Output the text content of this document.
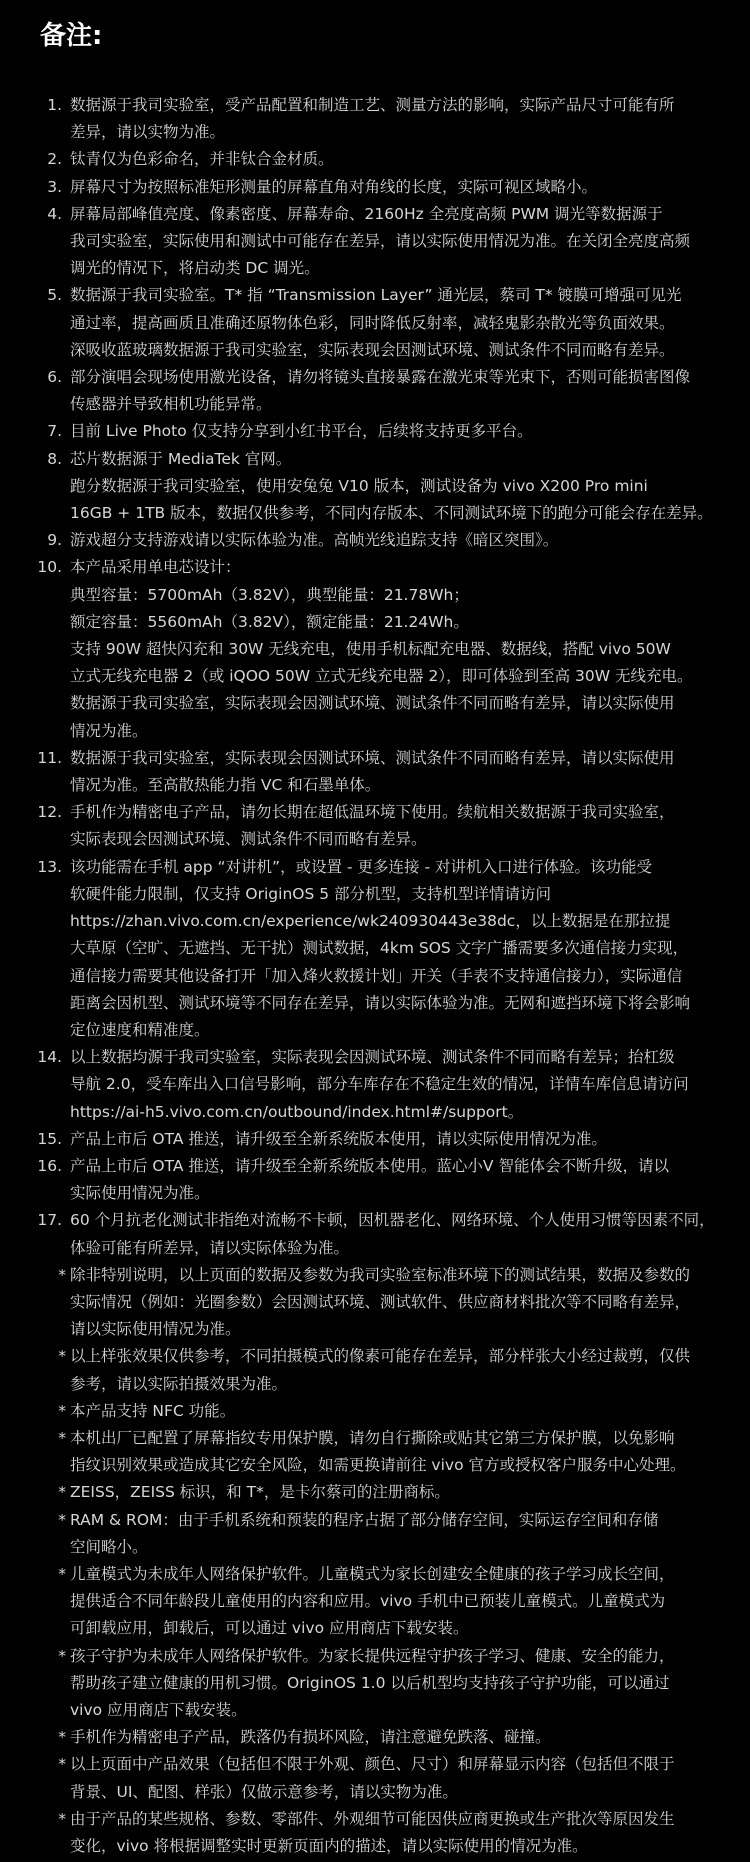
备注:
1. 数据源于我司实验室，受产品配置和制造工艺、测量方法的影响，实际产品尺寸可能有所
差异，请以实物为准。
2. 钛青仅为色彩命名，并非钛合金材质。
3. 屏幕尺寸为按照标准矩形测量的屏幕直角对角线的长度，实际可视区域略小。
4. 屏幕局部峰值亮度、像素密度、屏幕寿命、2160Hz 全亮度高频 PWM 调光等数据源于
我司实验室，实际使用和测试中可能存在差异，请以实际使用情况为准。在关闭全亮度高频
调光的情况下，将启动类 DC 调光。
5. 数据源于我司实验室。T* 指 “Transmission Layer” 通光层，蔡司 T* 镀膜可增强可见光
通过率，提高画质且准确还原物体色彩，同时降低反射率，减轻鬼影杂散光等负面效果。
深吸收蓝玻璃数据源于我司实验室，实际表现会因测试环境、测试条件不同而略有差异。
6. 部分演唱会现场使用激光设备，请勿将镜头直接暴露在激光束等光束下，否则可能损害图像
传感器并导致相机功能异常。
7. 目前 Live Photo 仅支持分享到小红书平台，后续将支持更多平台。
8. 芯片数据源于 MediaTek 官网。
跑分数据源于我司实验室，使用安兔兔 V10 版本，测试设备为 vivo X200 Pro mini
16GB + 1TB 版本，数据仅供参考，不同内存版本、不同测试环境下的跑分可能会存在差异。
9. 游戏超分支持游戏请以实际体验为准。高帧光线追踪支持《暗区突围》。
10. 本产品采用单电芯设计：
典型容量：5700mAh（3.82V），典型能量：21.78Wh；
额定容量：5560mAh（3.82V），额定能量：21.24Wh。
支持 90W 超快闪充和 30W 无线充电，使用手机标配充电器、数据线，搭配 vivo 50W
立式无线充电器 2（或 iQOO 50W 立式无线充电器 2），即可体验到至高 30W 无线充电。
数据源于我司实验室，实际表现会因测试环境、测试条件不同而略有差异，请以实际使用
情况为准。
11. 数据源于我司实验室，实际表现会因测试环境、测试条件不同而略有差异，请以实际使用
情况为准。至高散热能力指 VC 和石墨单体。
12. 手机作为精密电子产品，请勿长期在超低温环境下使用。续航相关数据源于我司实验室，
实际表现会因测试环境、测试条件不同而略有差异。
13. 该功能需在手机 app “对讲机”，或设置 - 更多连接 - 对讲机入口进行体验。该功能受
软硬件能力限制，仅支持 OriginOS 5 部分机型，支持机型详情请访问
https://zhan.vivo.com.cn/experience/wk240930443e38dc，以上数据是在那拉提
大草原（空旷、无遮挡、无干扰）测试数据，4km SOS 文字广播需要多次通信接力实现，
通信接力需要其他设备打开「加入烽火救援计划」开关（手表不支持通信接力），实际通信
距离会因机型、测试环境等不同存在差异，请以实际体验为准。无网和遮挡环境下将会影响
定位速度和精准度。
14. 以上数据均源于我司实验室，实际表现会因测试环境、测试条件不同而略有差异；抬杠级
导航 2.0，受车库出入口信号影响，部分车库存在不稳定生效的情况，详情车库信息请访问
https://ai-h5.vivo.com.cn/outbound/index.html#/support。
15. 产品上市后 OTA 推送，请升级至全新系统版本使用，请以实际使用情况为准。
16. 产品上市后 OTA 推送，请升级至全新系统版本使用。蓝心小V 智能体会不断升级，请以
实际使用情况为准。
17. 60 个月抗老化测试非指绝对流畅不卡顿，因机器老化、网络环境、个人使用习惯等因素不同，
体验可能有所差异，请以实际体验为准。
* 除非特别说明，以上页面的数据及参数为我司实验室标准环境下的测试结果，数据及参数的
实际情况（例如：光圈参数）会因测试环境、测试软件、供应商材料批次等不同略有差异，
请以实际使用情况为准。
* 以上样张效果仅供参考，不同拍摄模式的像素可能存在差异，部分样张大小经过裁剪，仅供
参考，请以实际拍摄效果为准。
* 本产品支持 NFC 功能。
* 本机出厂已配置了屏幕指纹专用保护膜，请勿自行撕除或贴其它第三方保护膜，以免影响
指纹识别效果或造成其它安全风险，如需更换请前往 vivo 官方或授权客户服务中心处理。
* ZEISS，ZEISS 标识，和 T*，是卡尔蔡司的注册商标。
* RAM & ROM：由于手机系统和预装的程序占据了部分储存空间，实际运存空间和存储
空间略小。
* 儿童模式为未成年人网络保护软件。儿童模式为家长创建安全健康的孩子学习成长空间，
提供适合不同年龄段儿童使用的内容和应用。vivo 手机中已预装儿童模式。儿童模式为
可卸载应用，卸载后，可以通过 vivo 应用商店下载安装。
* 孩子守护为未成年人网络保护软件。为家长提供远程守护孩子学习、健康、安全的能力，
帮助孩子建立健康的用机习惯。OriginOS 1.0 以后机型均支持孩子守护功能，可以通过
vivo 应用商店下载安装。
* 手机作为精密电子产品，跌落仍有损坏风险，请注意避免跌落、碰撞。
* 以上页面中产品效果（包括但不限于外观、颜色、尺寸）和屏幕显示内容（包括但不限于
背景、UI、配图、样张）仅做示意参考，请以实物为准。
* 由于产品的某些规格、参数、零部件、外观细节可能因供应商更换或生产批次等原因发生
变化，vivo 将根据调整实时更新页面内的描述，请以实际使用的情况为准。
